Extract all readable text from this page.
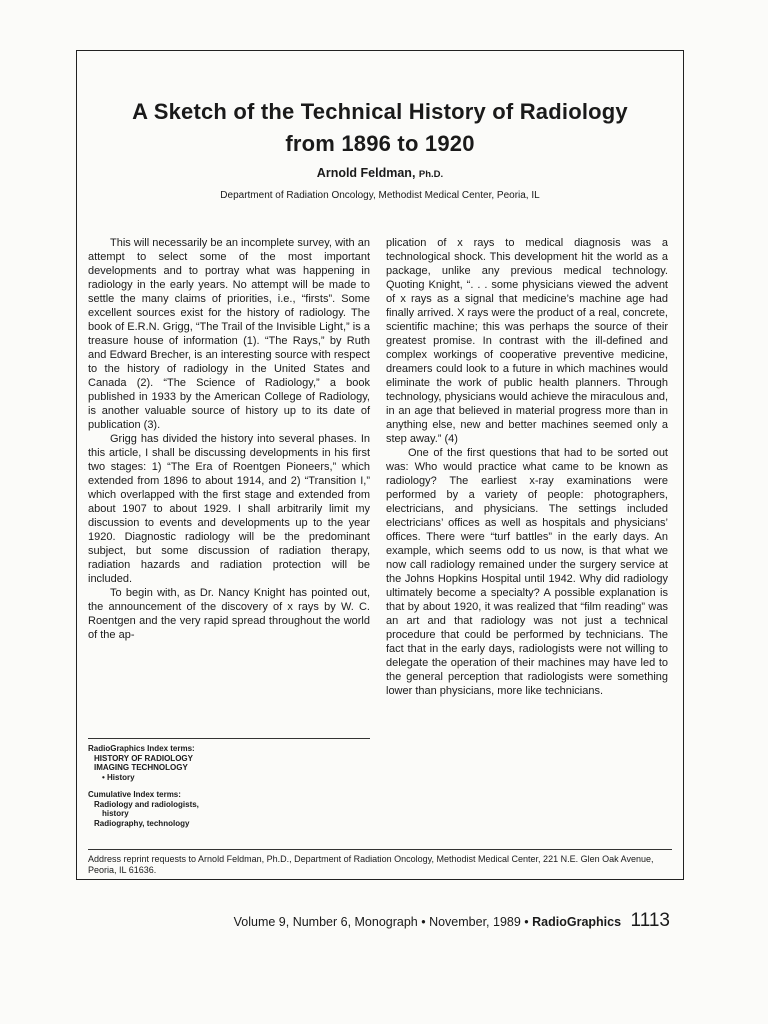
A Sketch of the Technical History of Radiology
from 1896 to 1920
Arnold Feldman, Ph.D.
Department of Radiation Oncology, Methodist Medical Center, Peoria, IL

This will necessarily be an incomplete survey, with an attempt to select some of the most important developments and to portray what was happening in radiology in the early years. No attempt will be made to settle the many claims of priorities, i.e., “firsts”. Some excellent sources exist for the history of radiology. The book of E.R.N. Grigg, “The Trail of the Invisible Light,” is a treasure house of information (1). “The Rays,” by Ruth and Edward Brecher, is an interesting source with respect to the history of radiology in the United States and Canada (2). “The Science of Radiology,” a book published in 1933 by the American College of Radiology, is another valuable source of history up to its date of publication (3).

Grigg has divided the history into several phases. In this article, I shall be discussing developments in his first two stages: 1) “The Era of Roentgen Pioneers,” which extended from 1896 to about 1914, and 2) “Transition I,” which overlapped with the first stage and extended from about 1907 to about 1929. I shall arbitrarily limit my discussion to events and developments up to the year 1920. Diagnostic radiology will be the predominant subject, but some discussion of radiation therapy, radiation hazards and radiation protection will be included.

To begin with, as Dr. Nancy Knight has pointed out, the announcement of the discovery of x rays by W. C. Roentgen and the very rapid spread throughout the world of the ap-

plication of x rays to medical diagnosis was a technological shock. This development hit the world as a package, unlike any previous medical technology. Quoting Knight, “. . . some physicians viewed the advent of x rays as a signal that medicine’s machine age had finally arrived. X rays were the product of a real, concrete, scientific machine; this was perhaps the source of their greatest promise. In contrast with the ill-defined and complex workings of cooperative preventive medicine, dreamers could look to a future in which machines would eliminate the work of public health planners. Through technology, physicians would achieve the miraculous and, in an age that believed in material progress more than in anything else, new and better machines seemed only a step away.” (4)

One of the first questions that had to be sorted out was: Who would practice what came to be known as radiology? The earliest x-ray examinations were performed by a variety of people: photographers, electricians, and physicians. The settings included electricians’ offices as well as hospitals and physicians’ offices. There were “turf battles” in the early days. An example, which seems odd to us now, is that what we now call radiology remained under the surgery service at the Johns Hopkins Hospital until 1942. Why did radiology ultimately become a specialty? A possible explanation is that by about 1920, it was realized that “film reading” was an art and that radiology was not just a technical procedure that could be performed by technicians. The fact that in the early days, radiologists were not willing to delegate the operation of their machines may have led to the general perception that radiologists were something lower than physicians, more like technicians.

RadioGraphics Index terms:
HISTORY OF RADIOLOGY
IMAGING TECHNOLOGY
• History
Cumulative Index terms:
Radiology and radiologists,
history
Radiography, technology
Address reprint requests to Arnold Feldman, Ph.D., Department of Radiation Oncology, Methodist Medical Center, 221 N.E. Glen Oak Avenue, Peoria, IL 61636.
Volume 9, Number 6, Monograph • November, 1989 • RadioGraphics 1113
